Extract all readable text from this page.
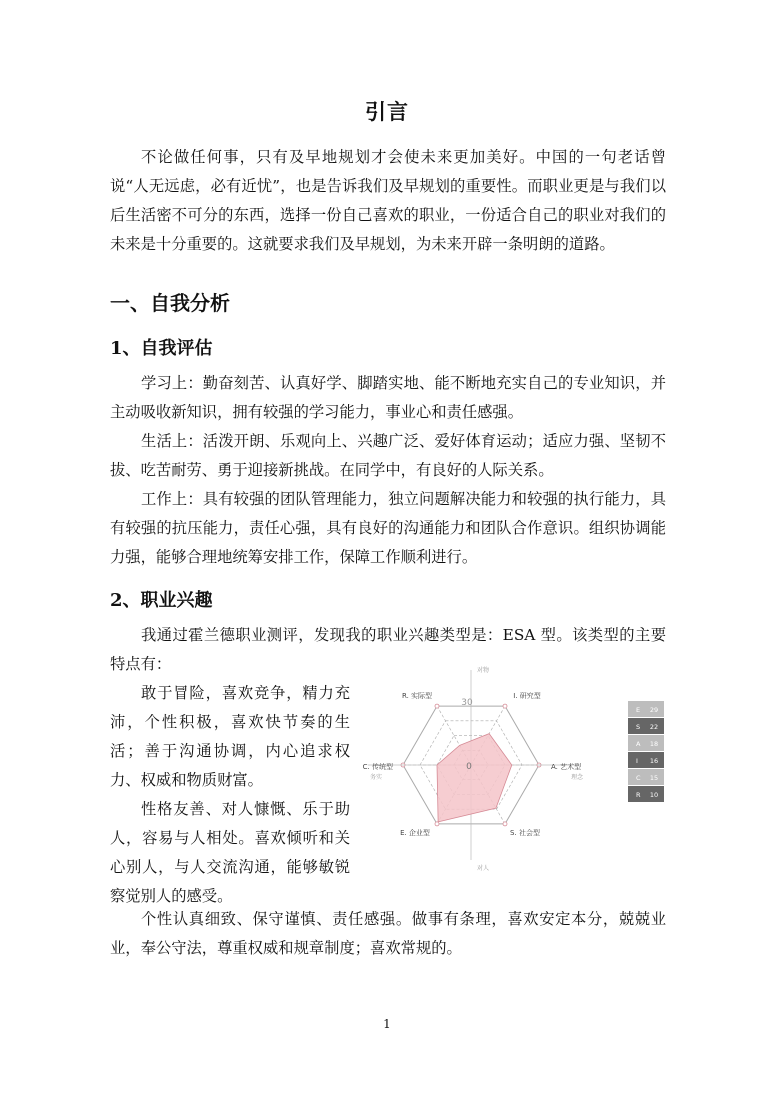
引言

不论做任何事，只有及早地规划才会使未来更加美好。中国的一句老话曾说“人无远虑，必有近忧”，也是告诉我们及早规划的重要性。而职业更是与我们以后生活密不可分的东西，选择一份自己喜欢的职业，一份适合自己的职业对我们的未来是十分重要的。这就要求我们及早规划，为未来开辟一条明朗的道路。

一、自我分析
1、自我评估

学习上：勤奋刻苦、认真好学、脚踏实地、能不断地充实自己的专业知识，并主动吸收新知识，拥有较强的学习能力，事业心和责任感强。

生活上：活泼开朗、乐观向上、兴趣广泛、爱好体育运动；适应力强、坚韧不拔、吃苦耐劳、勇于迎接新挑战。在同学中，有良好的人际关系。

工作上：具有较强的团队管理能力，独立问题解决能力和较强的执行能力，具有较强的抗压能力，责任心强，具有良好的沟通能力和团队合作意识。组织协调能力强，能够合理地统筹安排工作，保障工作顺利进行。

2、职业兴趣

我通过霍兰德职业测评，发现我的职业兴趣类型是：ESA 型。该类型的主要特点有：

敢于冒险，喜欢竞争，精力充沛，个性积极，喜欢快节奏的生活；善于沟通协调，内心追求权力、权威和物质财富。

性格友善、对人慷慨、乐于助人，容易与人相处。喜欢倾听和关心别人，与人交流沟通，能够敏锐察觉别人的感受。

个性认真细致、保守谨慎、责任感强。做事有条理，喜欢安定本分，兢兢业业，奉公守法，尊重权威和规章制度；喜欢常规的。

R. 实际型	I. 研究型
A. 艺术型
S. 社会型
E. 企业型
C. 传统型
对物
对人
务实	理念
30
0
E 29
S 22
A 18
I 16
C 15
R 10
1
